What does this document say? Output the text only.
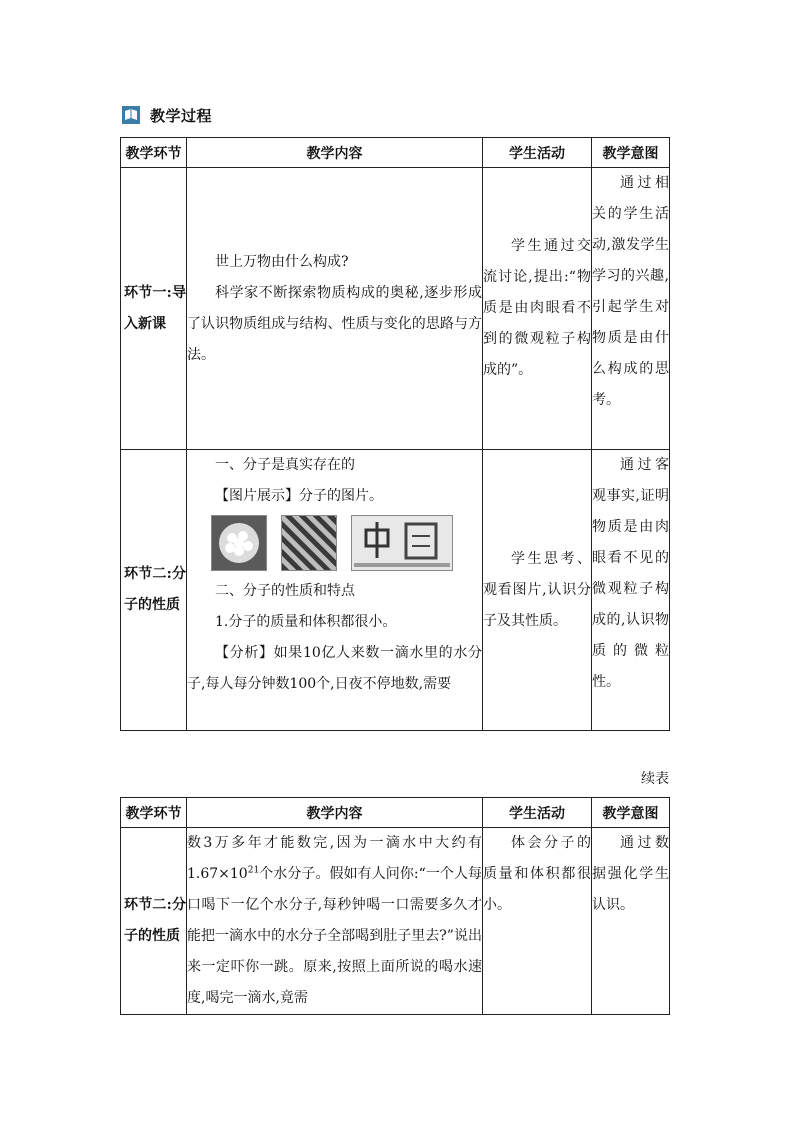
教学过程
教学环节	教学内容	学生活动	教学意图
环节一:导入新课	世上万物由什么构成?
科学家不断探索物质构成的奥秘,逐步形成了认识物质组成与结构、性质与变化的思路与方法。	学生通过交流讨论,提出:“物质是由肉眼看不到的微观粒子构成的”。	通过相关的学生活动,激发学生学习的兴趣,引起学生对物质是由什么构成的思考。
环节二:分子的性质	一、分子是真实存在的
【图片展示】分子的图片。
二、分子的性质和特点
1.分子的质量和体积都很小。
【分析】如果10亿人来数一滴水里的水分子,每人每分钟数100个,日夜不停地数,需要	学生思考、观看图片,认识分子及其性质。	通过客观事实,证明物质是由肉眼看不见的微观粒子构成的,认识物质的微粒性。
续表
教学环节	教学内容	学生活动	教学意图
环节二:分子的性质	数3万多年才能数完,因为一滴水中大约有$1.67\times 10^{21}$个水分子。假如有人问你:“一个人每口喝下一亿个水分子,每秒钟喝一口需要多久才能把一滴水中的水分子全部喝到肚子里去?”说出来一定吓你一跳。原来,按照上面所说的喝水速度,喝完一滴水,竟需	体会分子的质量和体积都很小。	通过数据强化学生认识。
